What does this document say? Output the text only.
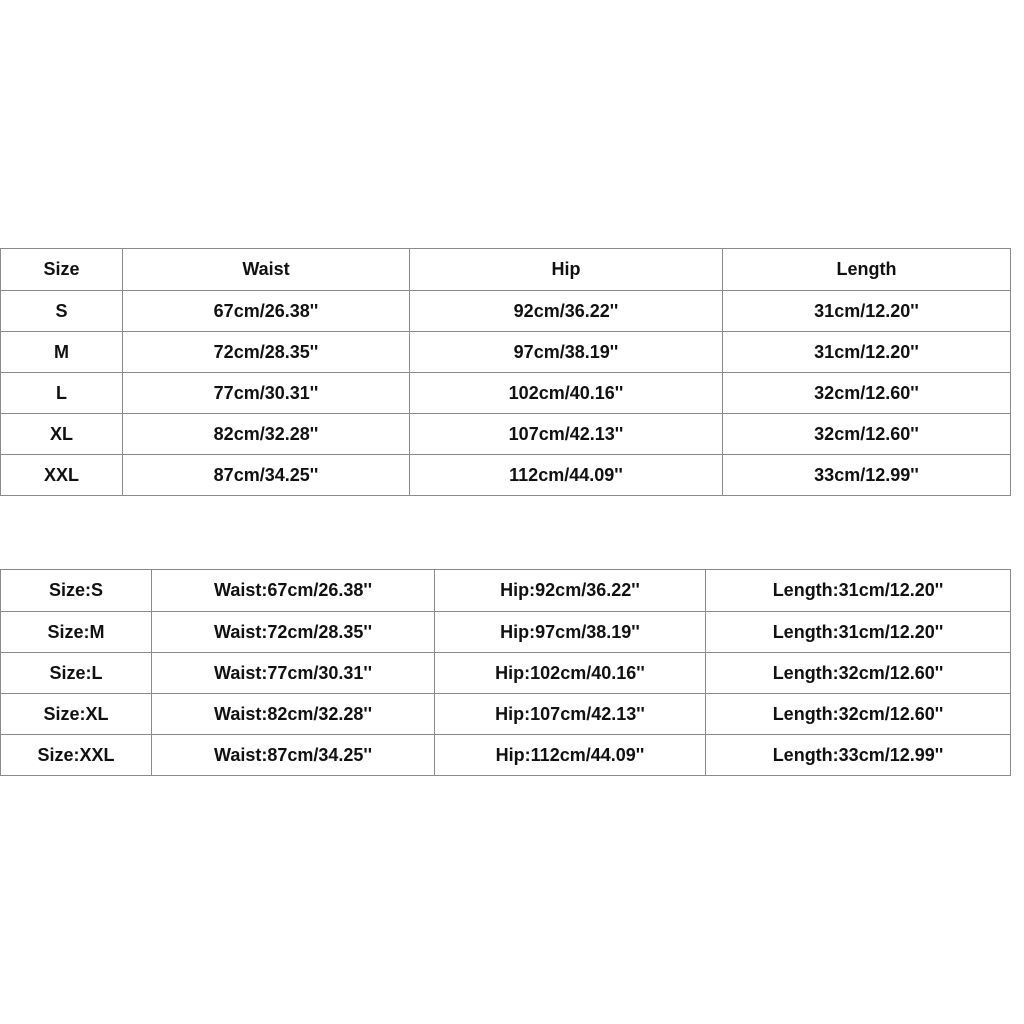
Size	Waist	Hip	Length
S	67cm/26.38''	92cm/36.22''	31cm/12.20''
M	72cm/28.35''	97cm/38.19''	31cm/12.20''
L	77cm/30.31''	102cm/40.16''	32cm/12.60''
XL	82cm/32.28''	107cm/42.13''	32cm/12.60''
XXL	87cm/34.25''	112cm/44.09''	33cm/12.99''
Size:S	Waist:67cm/26.38''	Hip:92cm/36.22''	Length:31cm/12.20''
Size:M	Waist:72cm/28.35''	Hip:97cm/38.19''	Length:31cm/12.20''
Size:L	Waist:77cm/30.31''	Hip:102cm/40.16''	Length:32cm/12.60''
Size:XL	Waist:82cm/32.28''	Hip:107cm/42.13''	Length:32cm/12.60''
Size:XXL	Waist:87cm/34.25''	Hip:112cm/44.09''	Length:33cm/12.99''
